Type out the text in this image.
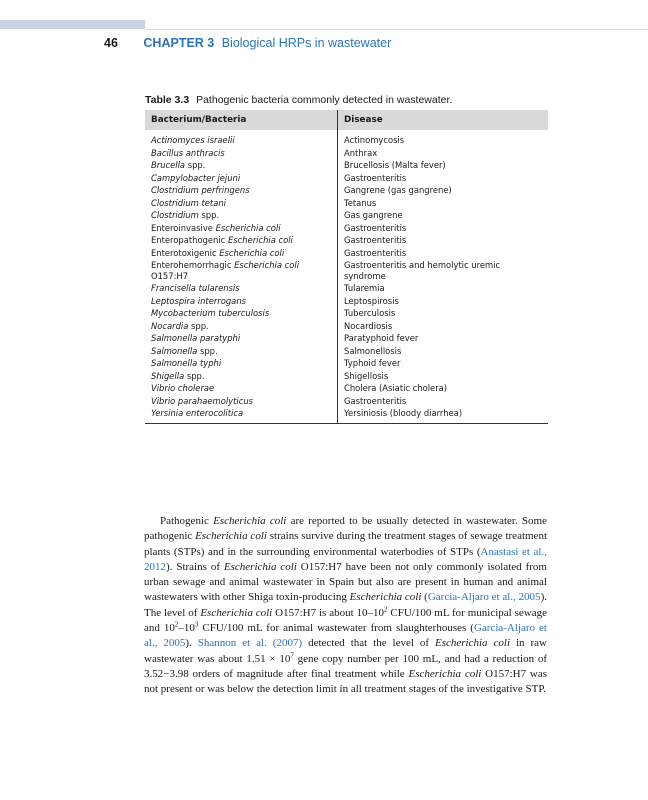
46 CHAPTER 3 Biological HRPs in wastewater
Table 3.3 Pathogenic bacteria commonly detected in wastewater.
Bacterium/Bacteria	Disease
Actinomyces israelii	Actinomycosis
Bacillus anthracis	Anthrax
Brucella spp.	Brucellosis (Malta fever)
Campylobacter jejuni	Gastroenteritis
Clostridium perfringens	Gangrene (gas gangrene)
Clostridium tetani	Tetanus
Clostridium spp.	Gas gangrene
Enteroinvasive Escherichia coli	Gastroenteritis
Enteropathogenic Escherichia coli	Gastroenteritis
Enterotoxigenic Escherichia coli	Gastroenteritis
Enterohemorrhagic Escherichia coli O157:H7	Gastroenteritis and hemolytic uremic syndrome
Francisella tularensis	Tularemia
Leptospira interrogans	Leptospirosis
Mycobacterium tuberculosis	Tuberculosis
Nocardia spp.	Nocardiosis
Salmonella paratyphi	Paratyphoid fever
Salmonella spp.	Salmonellosis
Salmonella typhi	Typhoid fever
Shigella spp.	Shigellosis
Vibrio cholerae	Cholera (Asiatic cholera)
Vibrio parahaemolyticus	Gastroenteritis
Yersinia enterocolitica	Yersiniosis (bloody diarrhea)

Pathogenic Escherichia coli are reported to be usually detected in wastewater. Some pathogenic Escherichia coli strains survive during the treatment stages of sewage treatment plants (STPs) and in the surrounding environmental waterbodies of STPs (Anastasi et al., 2012). Strains of Escherichia coli O157:H7 have been not only commonly isolated from urban sewage and animal wastewater in Spain but also are present in human and animal wastewaters with other Shiga toxin-producing Escherichia coli (Garcia-Aljaro et al., 2005). The level of Escherichia coli O157:H7 is about $10-10^2$ CFU/100 mL for municipal sewage and $10^2-10^3$ CFU/100 mL for animal wastewater from slaughterhouses (Garcia-Aljaro et al., 2005). Shannon et al. (2007) detected that the level of Escherichia coli in raw wastewater was about $1.51 \times 10^7$ gene copy number per 100 mL, and had a reduction of 3.52−3.98 orders of magnitude after final treatment while Escherichia coli O157:H7 was not present or was below the detection limit in all treatment stages of the investigative STP.
